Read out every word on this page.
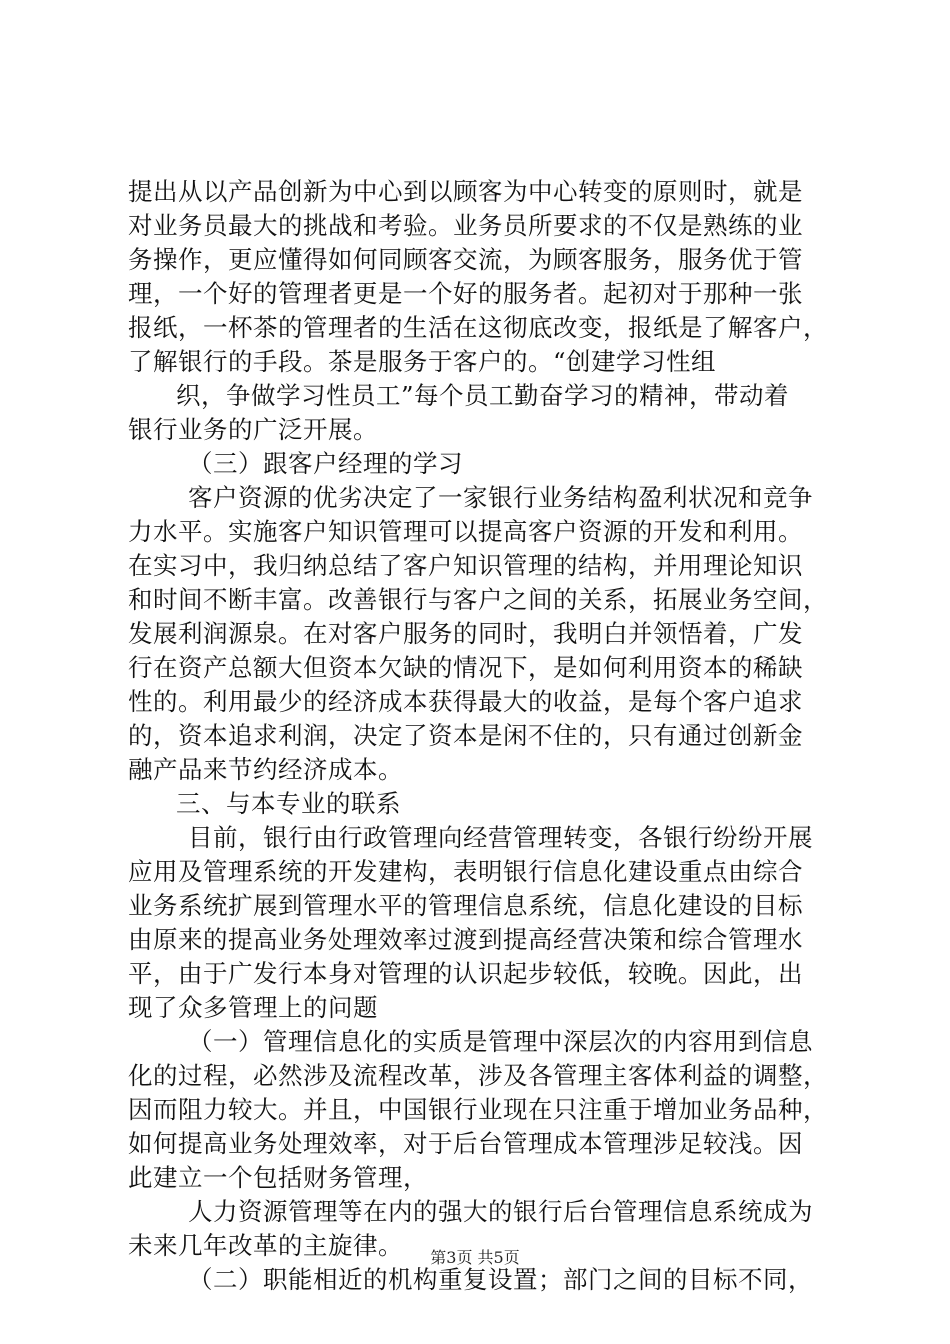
提出从以产品创新为中心到以顾客为中心转变的原则时，就是
对业务员最大的挑战和考验。业务员所要求的不仅是熟练的业
务操作，更应懂得如何同顾客交流，为顾客服务，服务优于管
理，一个好的管理者更是一个好的服务者。起初对于那种一张
报纸，一杯茶的管理者的生活在这彻底改变，报纸是了解客户，
了解银行的手段。茶是服务于客户的。“创建学习性组
织，争做学习性员工”每个员工勤奋学习的精神，带动着
银行业务的广泛开展。
（三）跟客户经理的学习
客户资源的优劣决定了一家银行业务结构盈利状况和竞争
力水平。实施客户知识管理可以提高客户资源的开发和利用。
在实习中，我归纳总结了客户知识管理的结构，并用理论知识
和时间不断丰富。改善银行与客户之间的关系，拓展业务空间，
发展利润源泉。在对客户服务的同时，我明白并领悟着，广发
行在资产总额大但资本欠缺的情况下，是如何利用资本的稀缺
性的。利用最少的经济成本获得最大的收益，是每个客户追求
的，资本追求利润，决定了资本是闲不住的，只有通过创新金
融产品来节约经济成本。
三、与本专业的联系
目前，银行由行政管理向经营管理转变，各银行纷纷开展
应用及管理系统的开发建构，表明银行信息化建设重点由综合
业务系统扩展到管理水平的管理信息系统，信息化建设的目标
由原来的提高业务处理效率过渡到提高经营决策和综合管理水
平，由于广发行本身对管理的认识起步较低，较晚。因此，出
现了众多管理上的问题
（一）管理信息化的实质是管理中深层次的内容用到信息
化的过程，必然涉及流程改革，涉及各管理主客体利益的调整，
因而阻力较大。并且，中国银行业现在只注重于增加业务品种，
如何提高业务处理效率，对于后台管理成本管理涉足较浅。因
此建立一个包括财务管理，
人力资源管理等在内的强大的银行后台管理信息系统成为
未来几年改革的主旋律。
（二）职能相近的机构重复设置；部门之间的目标不同，
第3页 共5页
